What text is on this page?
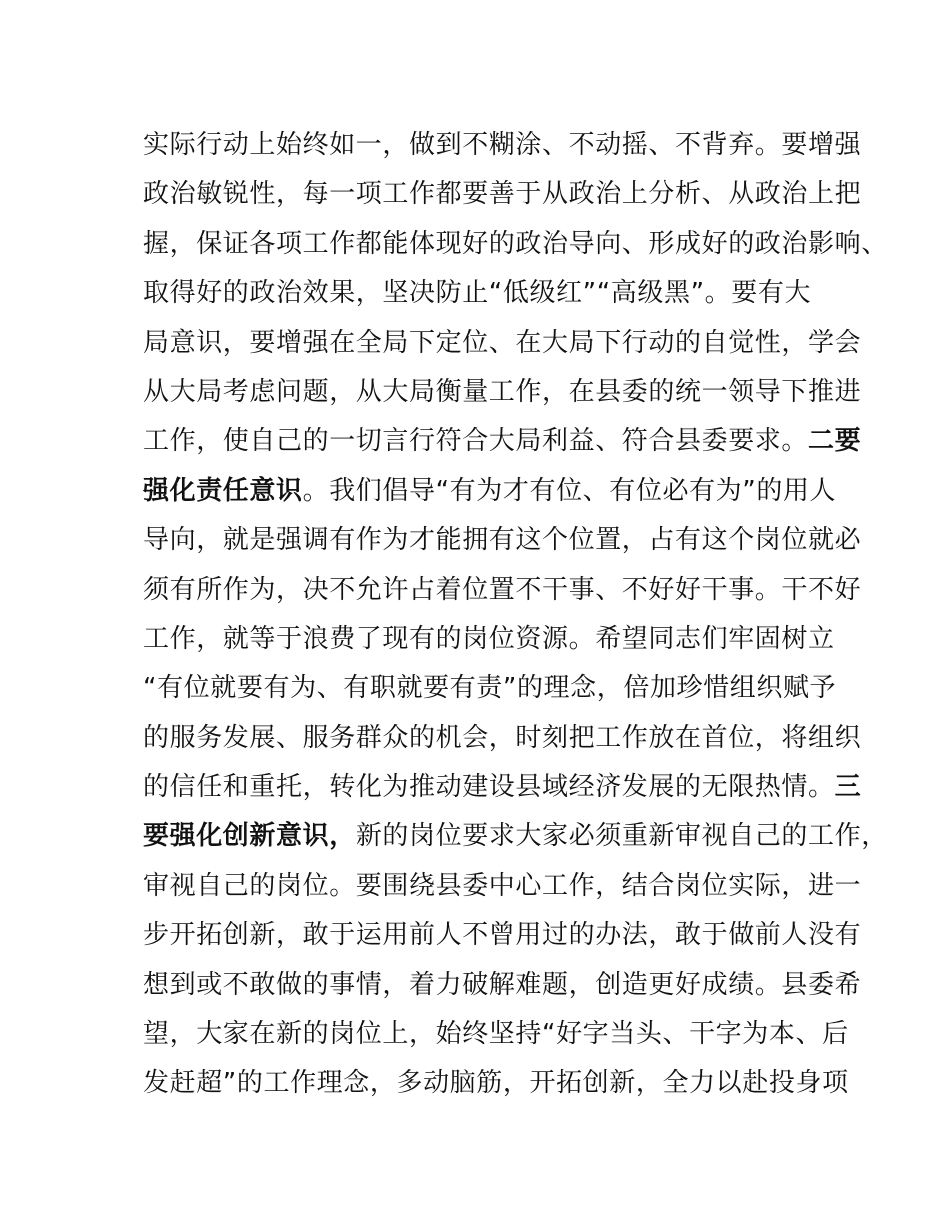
实际行动上始终如一，做到不糊涂、不动摇、不背弃。要增强
政治敏锐性，每一项工作都要善于从政治上分析、从政治上把
握，保证各项工作都能体现好的政治导向、形成好的政治影响、
取得好的政治效果，坚决防止“低级红”“高级黑”。要有大
局意识，要增强在全局下定位、在大局下行动的自觉性，学会
从大局考虑问题，从大局衡量工作，在县委的统一领导下推进
工作，使自己的一切言行符合大局利益、符合县委要求。二要
强化责任意识。我们倡导“有为才有位、有位必有为”的用人
导向，就是强调有作为才能拥有这个位置，占有这个岗位就必
须有所作为，决不允许占着位置不干事、不好好干事。干不好
工作，就等于浪费了现有的岗位资源。希望同志们牢固树立
“有位就要有为、有职就要有责”的理念，倍加珍惜组织赋予
的服务发展、服务群众的机会，时刻把工作放在首位，将组织
的信任和重托，转化为推动建设县域经济发展的无限热情。三
要强化创新意识，新的岗位要求大家必须重新审视自己的工作，
审视自己的岗位。要围绕县委中心工作，结合岗位实际，进一
步开拓创新，敢于运用前人不曾用过的办法，敢于做前人没有
想到或不敢做的事情，着力破解难题，创造更好成绩。县委希
望，大家在新的岗位上，始终坚持“好字当头、干字为本、后
发赶超”的工作理念，多动脑筋，开拓创新，全力以赴投身项
